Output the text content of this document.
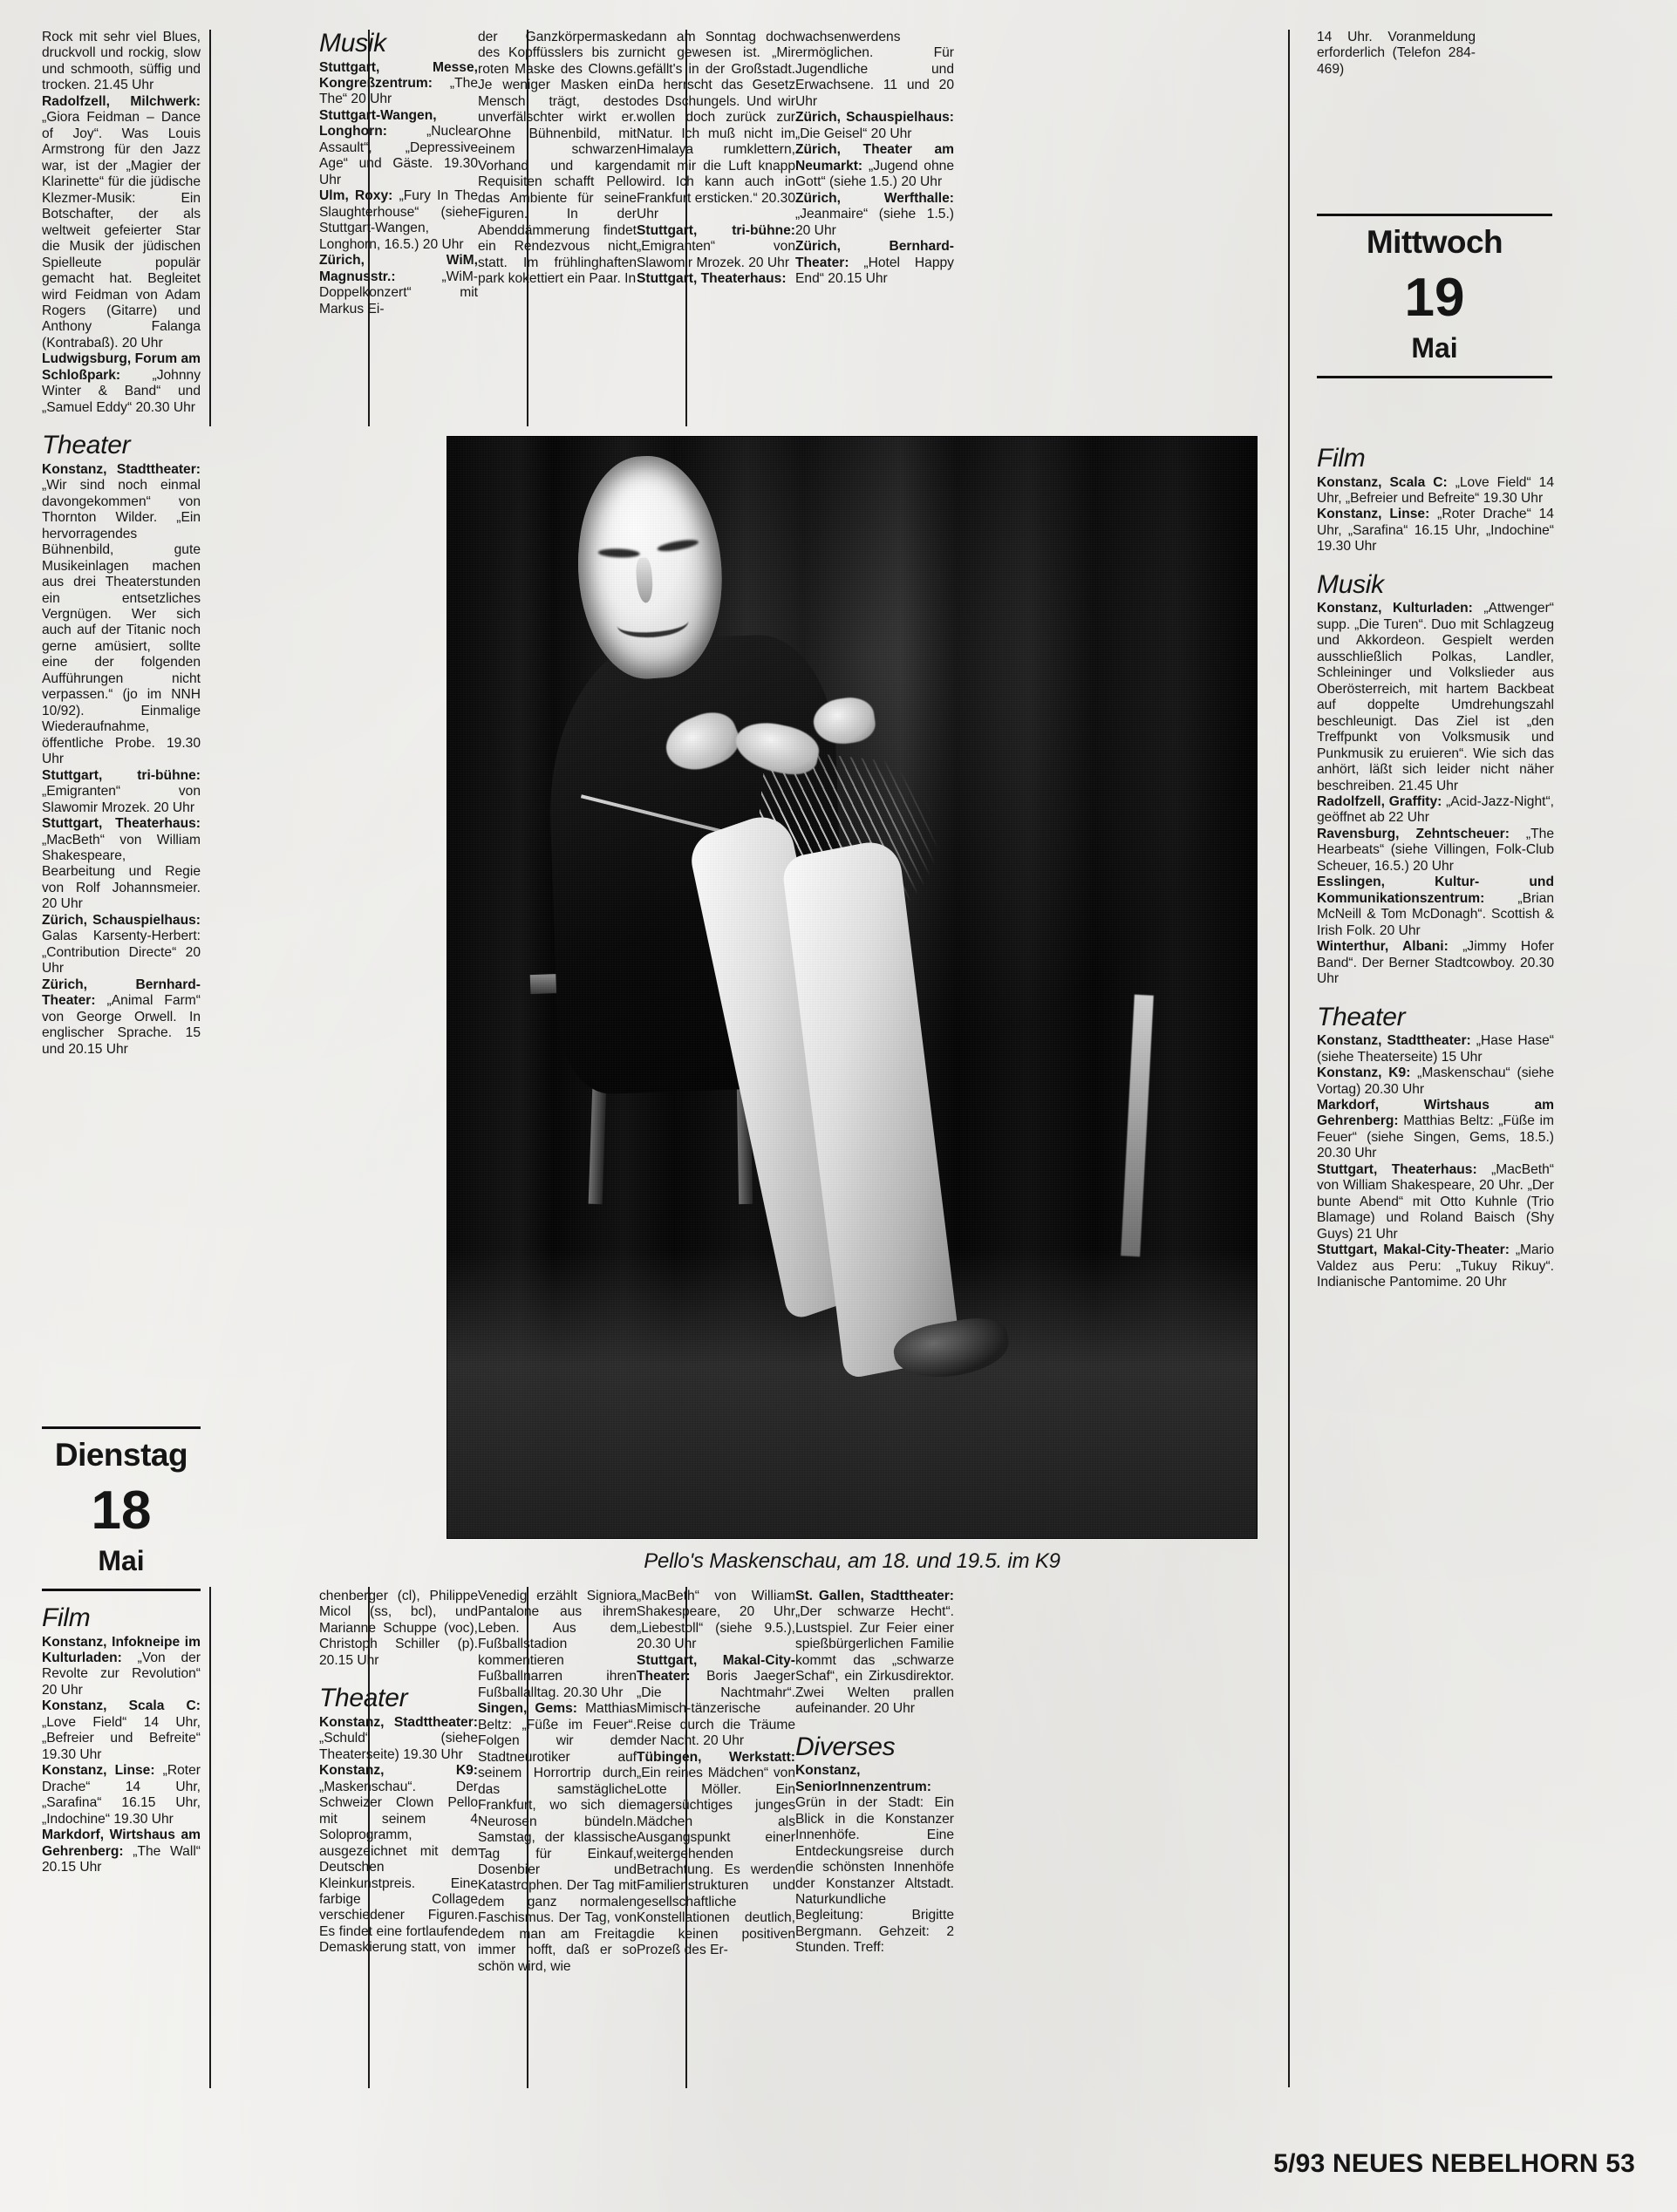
Rock mit sehr viel Blues, druckvoll und rockig, slow und schmooth, süffig und trocken. 21.45 Uhr

Radolfzell, Milchwerk: „Giora Feidman – Dance of Joy“. Was Louis Armstrong für den Jazz war, ist der „Magier der Klarinette“ für die jüdische Klezmer-Musik: Ein Botschafter, der als weltweit gefeierter Star die Musik der jüdischen Spielleute populär gemacht hat. Begleitet wird Feidman von Adam Rogers (Gitarre) und Anthony Falanga (Kontrabaß). 20 Uhr

Ludwigsburg, Forum am Schloßpark: „Johnny Winter & Band“ und „Samuel Eddy“ 20.30 Uhr

Theater

Konstanz, Stadttheater: „Wir sind noch einmal davongekommen“ von Thornton Wilder. „Ein hervorragendes Bühnenbild, gute Musikeinlagen machen aus drei Theaterstunden ein entsetzliches Vergnügen. Wer sich auch auf der Titanic noch gerne amüsiert, sollte eine der folgenden Aufführungen nicht verpassen.“ (jo im NNH 10/92). Einmalige Wiederaufnahme, öffentliche Probe. 19.30 Uhr

Stuttgart, tri-bühne: „Emigranten“ von Slawomir Mrozek. 20 Uhr

Stuttgart, Theaterhaus: „MacBeth“ von William Shakespeare, Bearbeitung und Regie von Rolf Johannsmeier. 20 Uhr

Zürich, Schauspielhaus: Galas Karsenty-Herbert: „Contribution Directe“ 20 Uhr

Zürich, Bernhard-Theater: „Animal Farm“ von George Orwell. In englischer Sprache. 15 und 20.15 Uhr

Dienstag
18
Mai
Film

Konstanz, Infokneipe im Kulturladen: „Von der Revolte zur Revolution“ 20 Uhr

Konstanz, Scala C: „Love Field“ 14 Uhr, „Befreier und Befreite“ 19.30 Uhr

Konstanz, Linse: „Roter Drache“ 14 Uhr, „Sarafina“ 16.15 Uhr, „Indochine“ 19.30 Uhr

Markdorf, Wirtshaus am Gehrenberg: „The Wall“ 20.15 Uhr

Musik

Stuttgart, Messe, Kongreßzentrum: „The The“ 20 Uhr

Stuttgart-Wangen, Longhorn:	„Nuclear Assault“, „Depressive Age“ und Gäste. 19.30 Uhr

Ulm, Roxy: „Fury In The Slaughterhouse“ (siehe Stuttgart-Wangen, Longhorn, 16.5.) 20 Uhr

Zürich, WiM, Magnusstr.:	„WiM-Doppelkonzert“ mit Markus Ei-

chenberger (cl), Philippe Micol (ss, bcl), und Marianne Schuppe (voc), Christoph Schiller (p). 20.15 Uhr

Theater

Konstanz, Stadttheater: „Schuld“ (siehe Theaterseite) 19.30 Uhr

Konstanz, K9: „Maskenschau“. Der Schweizer Clown Pello mit seinem 4 Soloprogramm, ausgezeichnet mit dem Deutschen Kleinkunstpreis. Eine farbige Collage verschiedener Figuren. Es findet eine fortlaufende Demaskierung statt, von

der Ganzkörpermaske des Kopffüsslers bis zur roten Maske des Clowns. Je weniger Masken ein Mensch trägt, desto unverfälschter wirkt er. Ohne Bühnenbild, mit einem schwarzen Vorhand und kargen Requisiten schafft Pello das Ambiente für seine Figuren. In der Abenddämmerung findet ein Rendezvous nicht statt. Im frühlinghaften park kokettiert ein Paar. In

Venedig erzählt Signiora Pantalone aus ihrem Leben. Aus dem Fußballstadion kommentieren Fußballnarren ihren Fußballalltag. 20.30 Uhr

Singen, Gems: Matthias Beltz: „Füße im Feuer“. Folgen wir dem Stadtneurotiker auf seinem Horrortrip durch das samstägliche Frankfurt, wo sich die Neurosen bündeln. Samstag, der klassische Tag für Einkauf, Dosenbier und Katastrophen. Der Tag mit dem ganz normalen Faschismus. Der Tag, von dem man am Freitag immer hofft, daß er so schön wird, wie

dann am Sonntag doch nicht gewesen ist. „Mir gefällt's in der Großstadt. Da herrscht das Gesetz des Dschungels. Und wir wollen doch zurück zur Natur. Ich muß nicht im Himalaya rumklettern, damit mir die Luft knapp wird. Ich kann auch in Frankfurt ersticken.“ 20.30 Uhr

Stuttgart, tri-bühne: „Emigranten“ von Slawomir Mrozek. 20 Uhr

Stuttgart, Theaterhaus:

„MacBeth“ von William Shakespeare, 20 Uhr „Liebestoll“ (siehe 9.5.), 20.30 Uhr

Stuttgart, Makal-City-Theater: Boris Jaeger „Die Nachtmahr“. Mimisch-tänzerische Reise durch die Träume der Nacht. 20 Uhr

Tübingen, Werkstatt: „Ein reines Mädchen“ von Lotte Möller. Ein magersüchtiges junges Mädchen als Ausgangspunkt einer weitergehenden Betrachtung. Es werden Familienstrukturen und gesellschaftliche Konstellationen deutlich, die keinen positiven Prozeß des Er-

wachsenwerdens ermöglichen. Für Jugendliche und Erwachsene. 11 und 20 Uhr

Zürich, Schauspielhaus: „Die Geisel“ 20 Uhr

Zürich, Theater am Neumarkt: „Jugend ohne Gott“ (siehe 1.5.) 20 Uhr

Zürich, Werfthalle: „Jeanmaire“ (siehe 1.5.) 20 Uhr

Zürich, Bernhard-Theater: „Hotel Happy End“ 20.15 Uhr

St. Gallen, Stadttheater: „Der schwarze Hecht“. Lustspiel. Zur Feier einer spießbürgerlichen Familie kommt das „schwarze Schaf“, ein Zirkusdirektor. Zwei Welten prallen aufeinander. 20 Uhr

Diverses

Konstanz, SeniorInnenzentrum: Grün in der Stadt: Ein Blick in die Konstanzer Innenhöfe. Eine Entdeckungsreise durch die schönsten Innenhöfe der Konstanzer Altstadt. Naturkundliche Begleitung: Brigitte Bergmann. Gehzeit: 2 Stunden. Treff:

14 Uhr. Voranmeldung erforderlich (Telefon 284-469)

Mittwoch
19
Mai
Film

Konstanz, Scala C: „Love Field“ 14 Uhr, „Befreier und Befreite“ 19.30 Uhr

Konstanz, Linse: „Roter Drache“ 14 Uhr, „Sarafina“ 16.15 Uhr, „Indochine“ 19.30 Uhr

Musik

Konstanz, Kulturladen: „Attwenger“ supp. „Die Turen“. Duo mit Schlagzeug und Akkordeon. Gespielt werden ausschließlich Polkas, Landler, Schleininger und Volkslieder aus Oberösterreich, mit hartem Backbeat auf doppelte Umdrehungszahl beschleunigt. Das Ziel ist „den Treffpunkt von Volksmusik und Punkmusik zu eruieren“. Wie sich das anhört, läßt sich leider nicht näher beschreiben. 21.45 Uhr

Radolfzell, Graffity: „Acid-Jazz-Night“, geöffnet ab 22 Uhr

Ravensburg, Zehntscheuer: „The Hearbeats“ (siehe Villingen, Folk-Club Scheuer, 16.5.) 20 Uhr

Esslingen, Kultur- und Kommunikationszentrum: „Brian McNeill & Tom McDonagh“. Scottish & Irish Folk. 20 Uhr

Winterthur, Albani: „Jimmy Hofer Band“. Der Berner Stadtcowboy. 20.30 Uhr

Theater

Konstanz, Stadttheater: „Hase Hase“ (siehe Theaterseite) 15 Uhr

Konstanz, K9: „Maskenschau“ (siehe Vortag) 20.30 Uhr

Markdorf, Wirtshaus am Gehrenberg: Matthias Beltz: „Füße im Feuer“ (siehe Singen, Gems, 18.5.) 20.30 Uhr

Stuttgart, Theaterhaus: „MacBeth“ von William Shakespeare, 20 Uhr. „Der bunte Abend“ mit Otto Kuhnle (Trio Blamage) und Roland Baisch (Shy Guys) 21 Uhr

Stuttgart, Makal-City-Theater: „Mario Valdez aus Peru: „Tukuy Rikuy“. Indianische Pantomime. 20 Uhr

Pello's Maskenschau, am 18. und 19.5. im K9
5/93 NEUES NEBELHORN 53
